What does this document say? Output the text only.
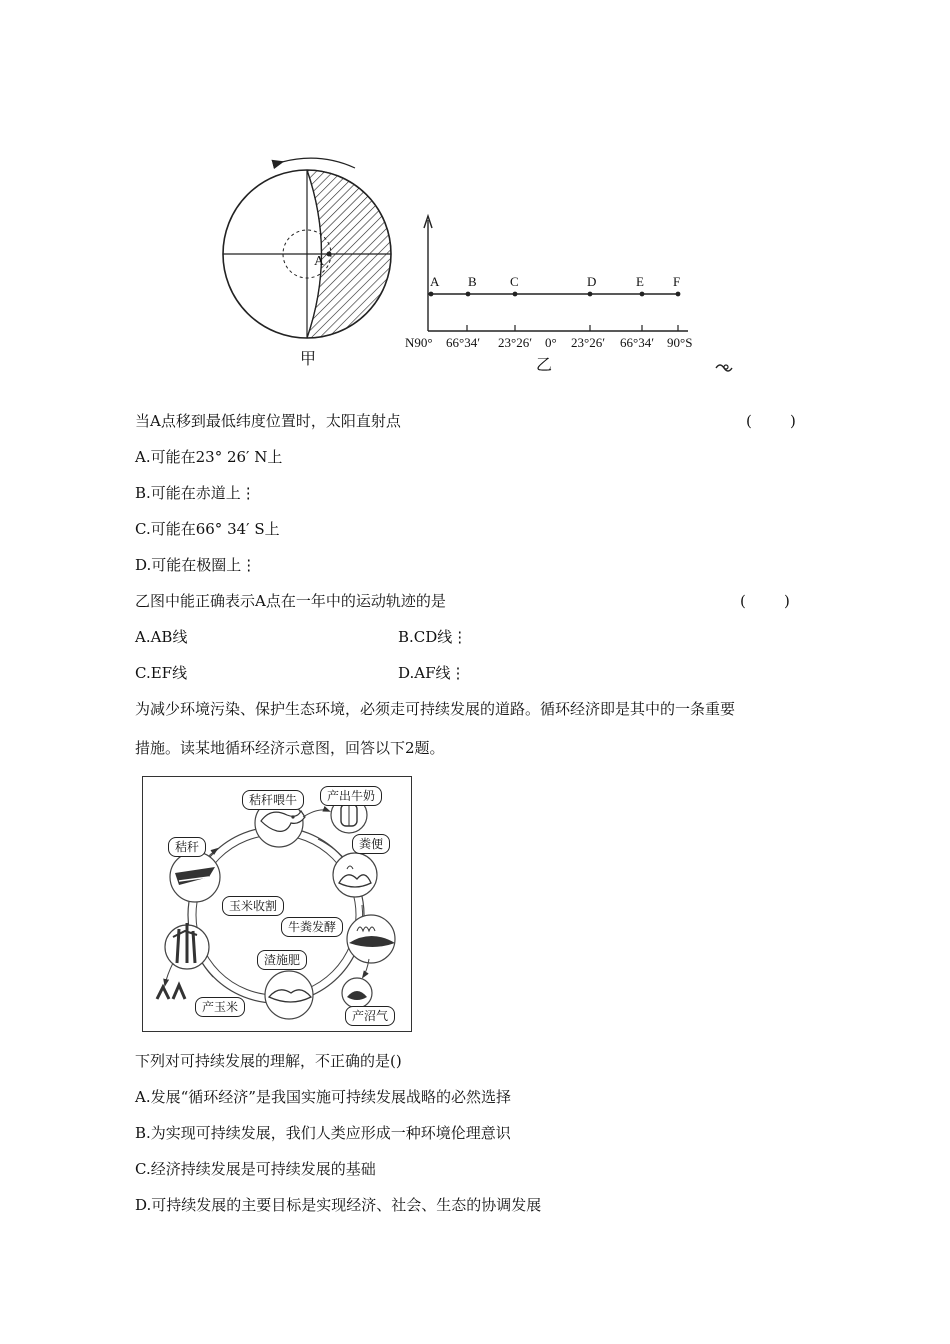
甲
A
乙
A B	C	D	E F
N90° 66°34′ 23°26′ 0° 23°26′ 66°34′ 90°S
当A点移到最低纬度位置时，太阳直射点	(        )
A.可能在23° 26′ N上
B.可能在赤道上⋮
C.可能在66° 34′ S上
D.可能在极圈上⋮
乙图中能正确表示A点在一年中的运动轨迹的是	(        )
A.AB线	B.CD线⋮
C.EF线	D.AF线⋮
为减少环境污染、保护生态环境，必须走可持续发展的道路。循环经济即是其中的一条重要
措施。读某地循环经济示意图，回答以下2题。
秸秆喂牛	产出牛奶
秸秆	粪便
玉米收割
牛粪发酵
渣施肥
产玉米
产沼气
下列对可持续发展的理解，不正确的是()
A.发展“循环经济”是我国实施可持续发展战略的必然选择
B.为实现可持续发展，我们人类应形成一种环境伦理意识
C.经济持续发展是可持续发展的基础
D.可持续发展的主要目标是实现经济、社会、生态的协调发展
